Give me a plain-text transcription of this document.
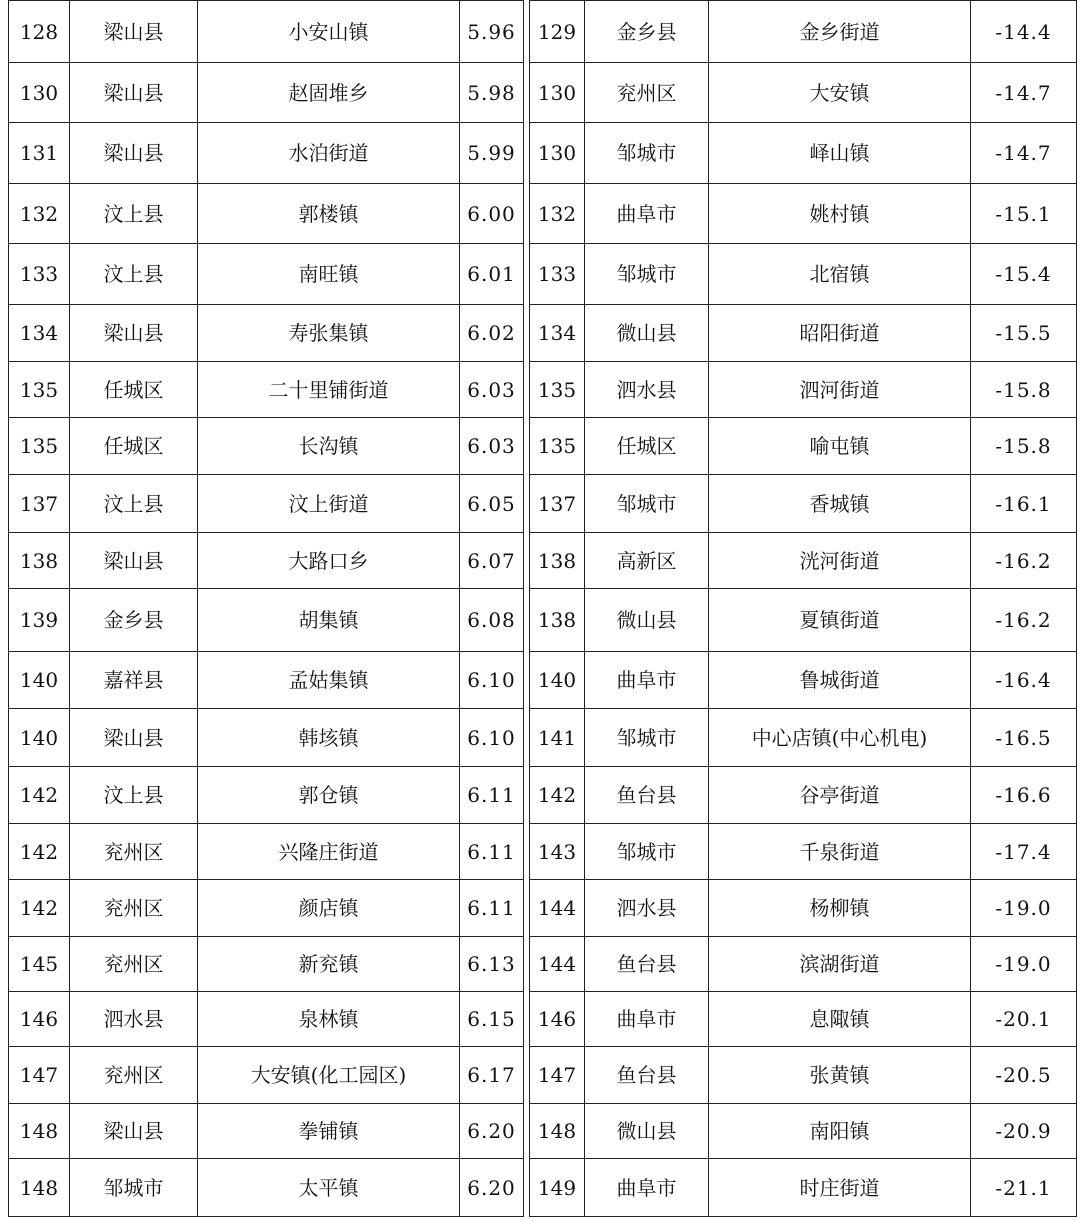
128	梁山县	小安山镇	5.96
130	梁山县	赵固堆乡	5.98
131	梁山县	水泊街道	5.99
132	汶上县	郭楼镇	6.00
133	汶上县	南旺镇	6.01
134	梁山县	寿张集镇	6.02
135	任城区	二十里铺街道	6.03
135	任城区	长沟镇	6.03
137	汶上县	汶上街道	6.05
138	梁山县	大路口乡	6.07
139	金乡县	胡集镇	6.08
140	嘉祥县	孟姑集镇	6.10
140	梁山县	韩垓镇	6.10
142	汶上县	郭仓镇	6.11
142	兖州区	兴隆庄街道	6.11
142	兖州区	颜店镇	6.11
145	兖州区	新兖镇	6.13
146	泗水县	泉林镇	6.15
147	兖州区	大安镇(化工园区)	6.17
148	梁山县	拳铺镇	6.20
148	邹城市	太平镇	6.20
129	金乡县	金乡街道	-14.4
130	兖州区	大安镇	-14.7
130	邹城市	峄山镇	-14.7
132	曲阜市	姚村镇	-15.1
133	邹城市	北宿镇	-15.4
134	微山县	昭阳街道	-15.5
135	泗水县	泗河街道	-15.8
135	任城区	喻屯镇	-15.8
137	邹城市	香城镇	-16.1
138	高新区	洸河街道	-16.2
138	微山县	夏镇街道	-16.2
140	曲阜市	鲁城街道	-16.4
141	邹城市	中心店镇(中心机电)	-16.5
142	鱼台县	谷亭街道	-16.6
143	邹城市	千泉街道	-17.4
144	泗水县	杨柳镇	-19.0
144	鱼台县	滨湖街道	-19.0
146	曲阜市	息陬镇	-20.1
147	鱼台县	张黄镇	-20.5
148	微山县	南阳镇	-20.9
149	曲阜市	时庄街道	-21.1
